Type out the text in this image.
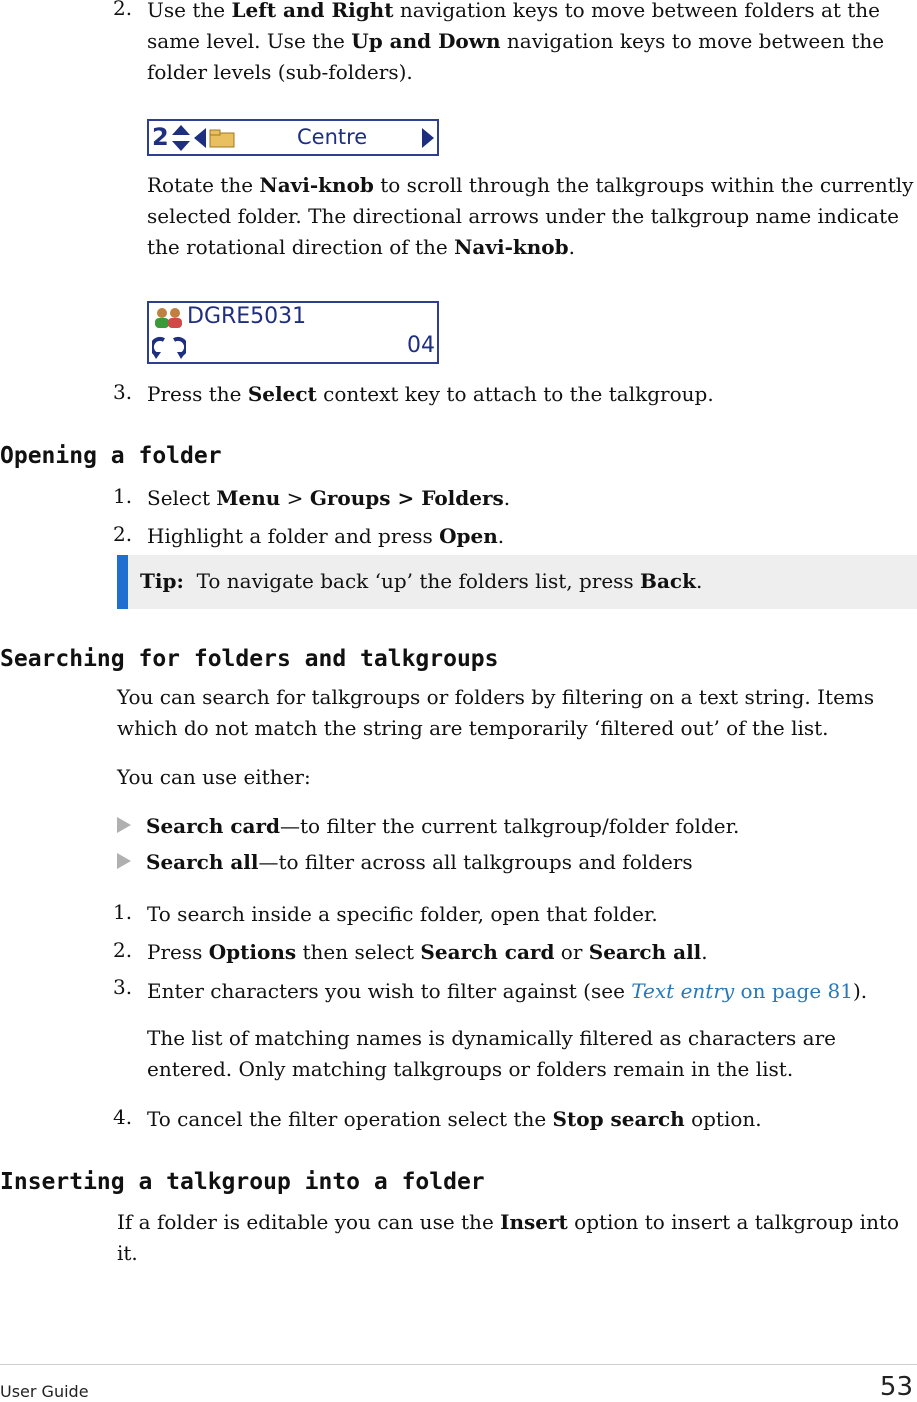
2. Use the Left and Right navigation keys to move between folders at the
same level. Use the Up and Down navigation keys to move between the
folder levels (sub-folders).
2	Centre
Rotate the Navi-knob to scroll through the talkgroups within the currently
selected folder. The directional arrows under the talkgroup name indicate
the rotational direction of the Navi-knob.
DGRE5031
04
3. Press the Select context key to attach to the talkgroup.
Opening a folder
1. Select Menu > Groups > Folders.
2. Highlight a folder and press Open.
Tip:  To navigate back ‘up’ the folders list, press Back.
Searching for folders and talkgroups
You can search for talkgroups or folders by filtering on a text string. Items
which do not match the string are temporarily ‘filtered out’ of the list.
You can use either:
Search card—to filter the current talkgroup/folder folder.
Search all—to filter across all talkgroups and folders
1. To search inside a specific folder, open that folder.
2. Press Options then select Search card or Search all.
3. Enter characters you wish to filter against (see Text entry on page 81).
The list of matching names is dynamically filtered as characters are
entered. Only matching talkgroups or folders remain in the list.
4. To cancel the filter operation select the Stop search option.
Inserting a talkgroup into a folder
If a folder is editable you can use the Insert option to insert a talkgroup into
it.
User Guide	53
